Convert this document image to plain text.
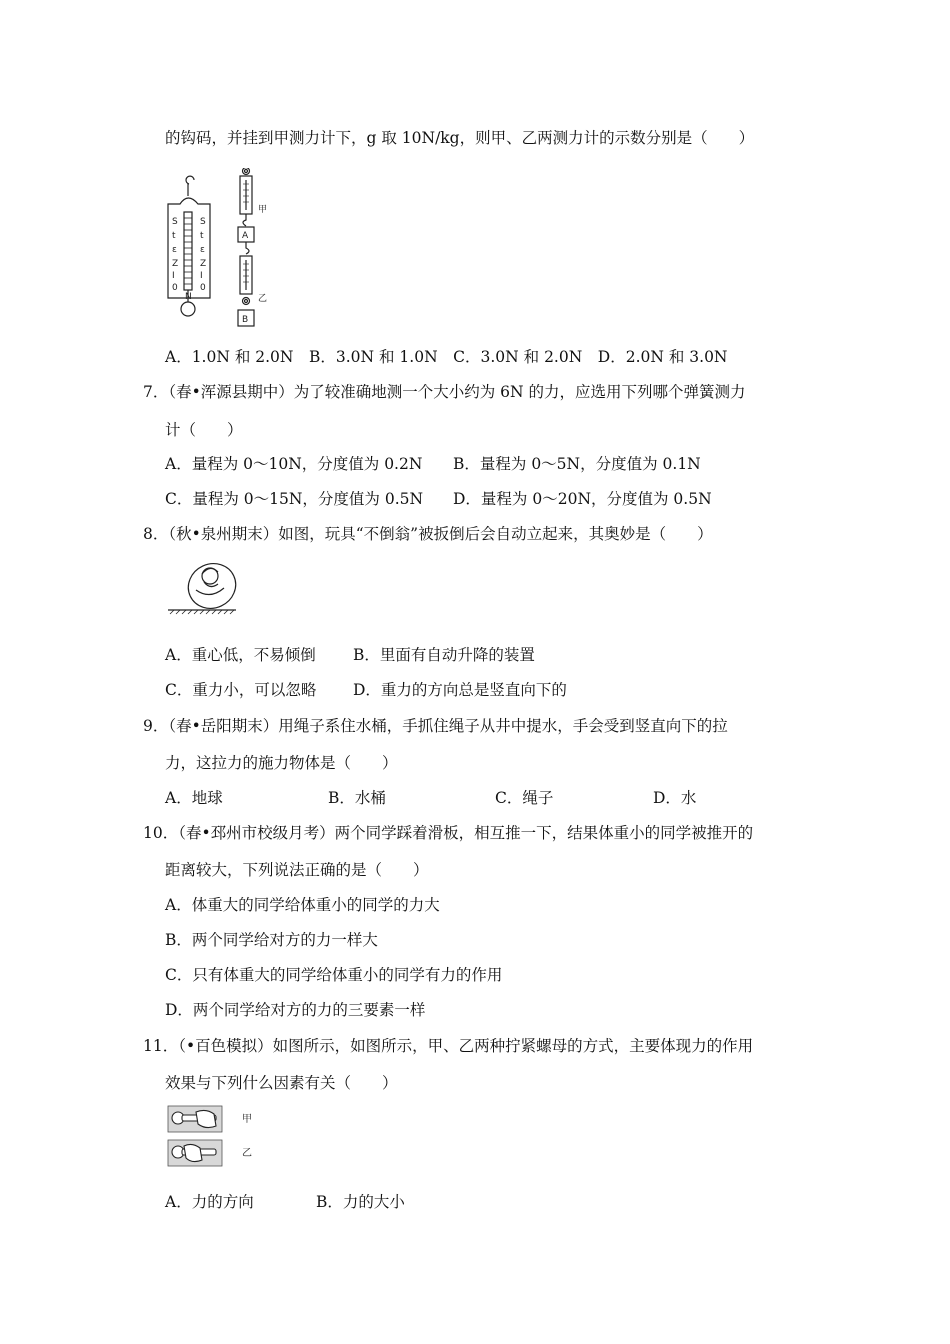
的钩码，并挂到甲测力计下，g 取 10N/kg，则甲、乙两测力计的示数分别是（　　）
S S
t	t
ε	ε
Z Z
I	I
0 0
N
甲
A
乙
B
A．1.0N 和 2.0N　B．3.0N 和 1.0N　C．3.0N 和 2.0N　D．2.0N 和 3.0N
7．（春•浑源县期中）为了较准确地测一个大小约为 6N 的力，应选用下列哪个弹簧测力
计（　　）
A．量程为 0～10N，分度值为 0.2N B．量程为 0～5N，分度值为 0.1N
C．量程为 0～15N，分度值为 0.5N D．量程为 0～20N，分度值为 0.5N
8．（秋•泉州期末）如图，玩具“不倒翁”被扳倒后会自动立起来，其奥妙是（　　）
A．重心低，不易倾倒 B．里面有自动升降的装置
C．重力小，可以忽略 D．重力的方向总是竖直向下的
9．（春•岳阳期末）用绳子系住水桶，手抓住绳子从井中提水，手会受到竖直向下的拉
力，这拉力的施力物体是（　　）
A．地球	B．水桶	C．绳子	D．水
10．（春•邳州市校级月考）两个同学踩着滑板，相互推一下，结果体重小的同学被推开的
距离较大，下列说法正确的是（　　）
A．体重大的同学给体重小的同学的力大
B．两个同学给对方的力一样大
C．只有体重大的同学给体重小的同学有力的作用
D．两个同学给对方的力的三要素一样
11．（•百色模拟）如图所示，如图所示，甲、乙两种拧紧螺母的方式，主要体现力的作用
效果与下列什么因素有关（　　）
甲
乙
A．力的方向	B．力的大小
